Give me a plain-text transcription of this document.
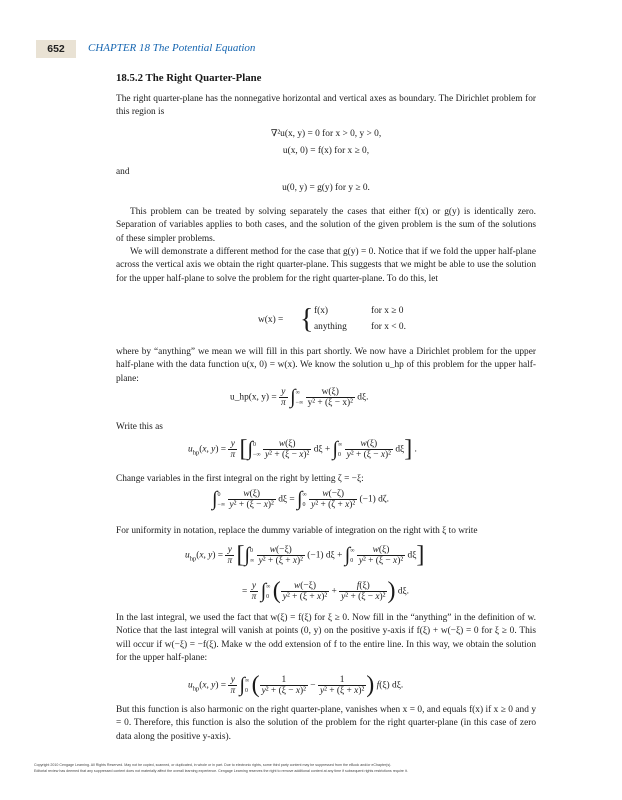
652	CHAPTER 18 The Potential Equation
18.5.2 The Right Quarter-Plane

The right quarter-plane has the nonnegative horizontal and vertical axes as boundary. The Dirichlet problem for this region is

∇²u(x, y) = 0 for x > 0, y > 0,
u(x, 0) = f(x) for x ≥ 0,

and

u(0, y) = g(y) for y ≥ 0.

This problem can be treated by solving separately the cases that either f(x) or g(y) is identically zero. Separation of variables applies to both cases, and the solution of the given problem is the sum of the solutions of these simpler problems.

We will demonstrate a different method for the case that g(y) = 0. Notice that if we fold the upper half-plane across the vertical axis we obtain the right quarter-plane. This suggests that we might be able to use the solution for the upper half-plane to solve the problem for the right quarter-plane. To do this, let

w(x) = { f(x)	for x ≥ 0
anything	for x < 0.

where by “anything” we mean we will fill in this part shortly. We now have a Dirichlet problem for the upper half-plane with the data function u(x, 0) = w(x). We know the solution u_hp of this problem for the upper half-plane:

u_hp(x, $y) = \frac{y}{\pi}$ ∫∞
−∞ $\frac{w(\xi)}{\text{y² + (ξ − x)²}} d\xi$.

Write this as

$u_{hp}(x$, $y) = \frac{y}{\pi} [\int 0$
−∞ $\frac{w(\xi)}{\text{y² + (ξ − x)²}}$ dξ + ∫∞
$0 \frac{w(\xi)}{\text{y² + (ξ − x)²}} d\xi$] .

Change variables in the first integral on the right by letting ζ = −ξ:

∫0
−∞ $\frac{w(\xi)}{\text{y² + (ξ − x)²}}$ dξ = ∫∞
$0 \frac{w(-\zeta)}{\text{y² + (ζ + x)²}} (-1)$ dζ.

For uniformity in notation, replace the dummy variable of integration on the right with ξ to write

$u_{hp}(x$, $y) = \frac{y}{\pi} [\int 0$
∞ $\frac{w(-\xi)}{\text{y² + (ξ + x)²}} (-1) d\xi$ + ∫∞
$0 \frac{w(\xi)}{\text{y² + (ξ − x)²}} d\xi$]
= $\frac{y}{\pi}$ ∫∞
0 ( $\frac{w(-\xi)}{\text{y² + (ξ + x)²}} + \frac{f(\xi)}{\text{y² + (ξ − x)²}}$ ) dξ.

In the last integral, we used the fact that w(ξ) = f(ξ) for ξ ≥ 0. Now fill in the “anything” in the definition of w. Notice that the last integral will vanish at points (0, y) on the positive y-axis if f(ξ) + w(−ξ) = 0 for ξ ≥ 0. This will occur if w(−ξ) = −f(ξ). Make w the odd extension of f to the entire line. In this way, we obtain the solution for the upper half-plane:

$u_{hp}(x$, $y) = \frac{y}{\pi}$ ∫∞
0 ( $\frac{1}{\text{y² + (ξ − x)²}} - \frac{1}{\text{y² + (ξ + x)²}}$ ) f(ξ) dξ.

But this function is also harmonic on the right quarter-plane, vanishes when x = 0, and equals f(x) if x ≥ 0 and y = 0. Therefore, this function is also the solution of the problem for the right quarter-plane (in this case of zero data along the positive y-axis).

Copyright 2010 Cengage Learning. All Rights Reserved. May not be copied, scanned, or duplicated, in whole or in part. Due to electronic rights, some third party content may be suppressed from the eBook and/or eChapter(s).
Editorial review has deemed that any suppressed content does not materially affect the overall learning experience. Cengage Learning reserves the right to remove additional content at any time if subsequent rights restrictions require it.
